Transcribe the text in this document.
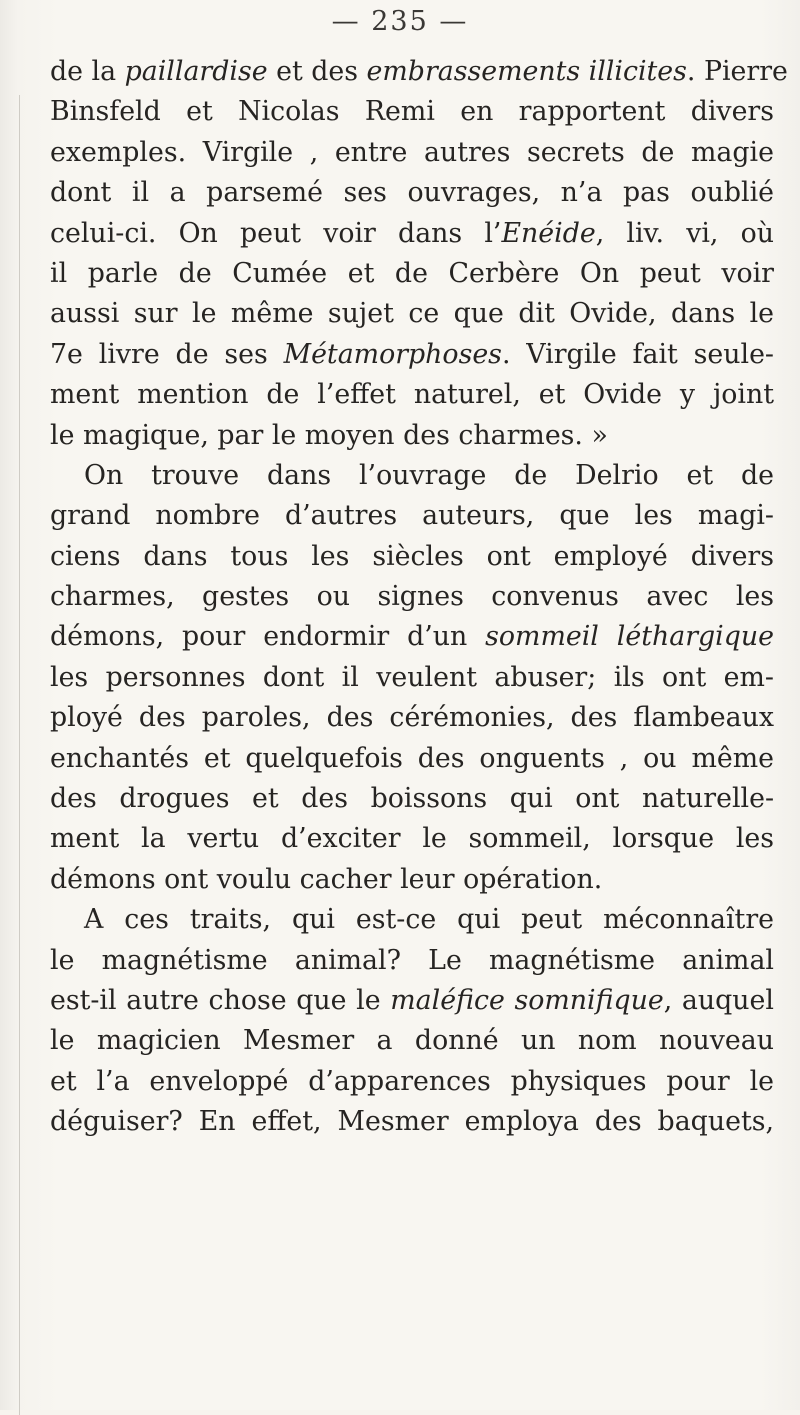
— 235 —
de la paillardise et des embrassements illicites. Pierre
Binsfeld et Nicolas Remi en rapportent divers
exemples. Virgile , entre autres secrets de magie
dont il a parsemé ses ouvrages, n’a pas oublié
celui-ci. On peut voir dans l’Enéide, liv. vi, où
il parle de Cumée et de Cerbère On peut voir
aussi sur le même sujet ce que dit Ovide, dans le
7e livre de ses Métamorphoses. Virgile fait seule-
ment mention de l’effet naturel, et Ovide y joint
le magique, par le moyen des charmes. »
On trouve dans l’ouvrage de Delrio et de
grand nombre d’autres auteurs, que les magi-
ciens dans tous les siècles ont employé divers
charmes, gestes ou signes convenus avec les
démons, pour endormir d’un sommeil léthargique
les personnes dont il veulent abuser; ils ont em-
ployé des paroles, des cérémonies, des flambeaux
enchantés et quelquefois des onguents , ou même
des drogues et des boissons qui ont naturelle-
ment la vertu d’exciter le sommeil, lorsque les
démons ont voulu cacher leur opération.
A ces traits, qui est-ce qui peut méconnaître
le magnétisme animal? Le magnétisme animal
est-il autre chose que le maléfice somnifique, auquel
le magicien Mesmer a donné un nom nouveau
et l’a enveloppé d’apparences physiques pour le
déguiser? En effet, Mesmer employa des baquets,
